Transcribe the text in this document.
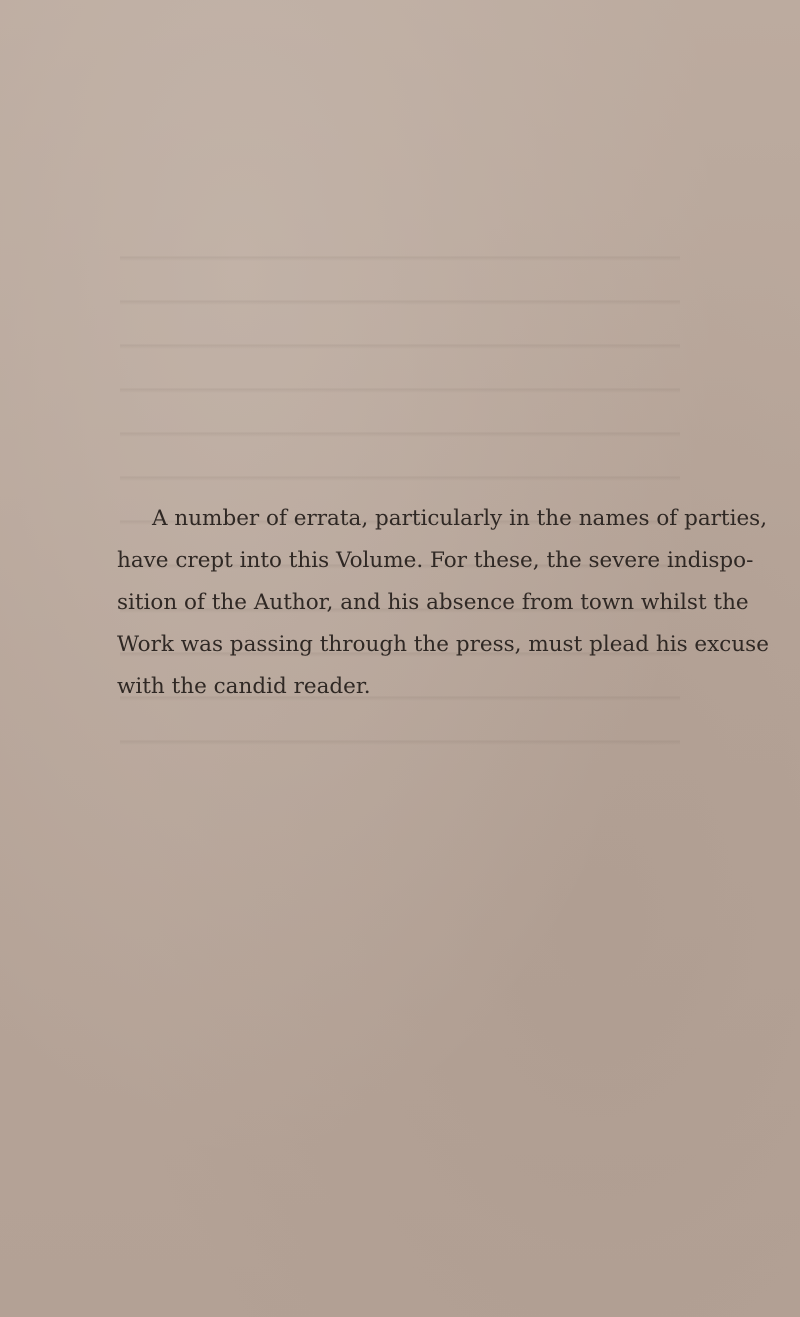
A number of errata, particularly in the names of parties,
have crept into this Volume. For these, the severe indispo-
sition of the Author, and his absence from town whilst the
Work was passing through the press, must plead his excuse
with the candid reader.
